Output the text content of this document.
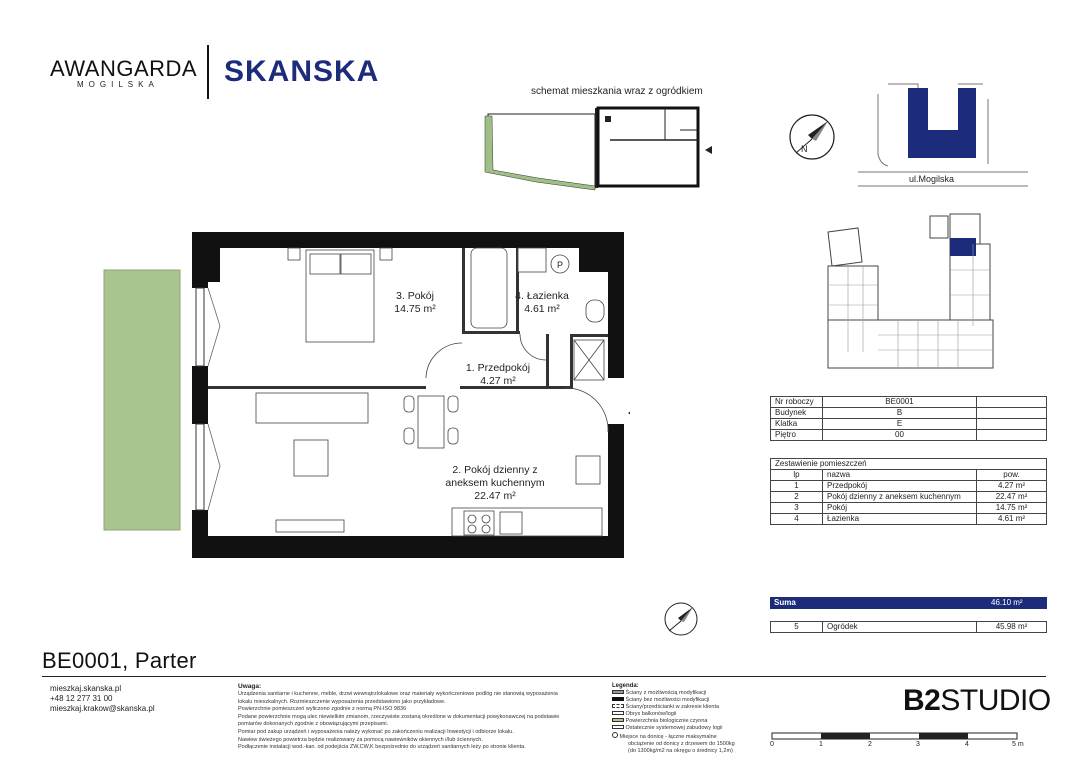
AWANGARDA
MOGILSKA SKANSKA
schemat mieszkania wraz z ogródkiem
N
ul.Mogilska
P
3. Pokój
14.75 m²
4. Łazienka
4.61 m²
1. Przedpokój
4.27 m²
2. Pokój dzienny z
aneksem kuchennym
22.47 m²
Nr roboczy	BE0001	
Budynek	B	
Klatka	E	
Piętro	00	
Zestawienie pomieszczeń		
lp	nazwa	pow.
1	Przedpokój	4.27 m²
2	Pokój dzienny z aneksem kuchennym	22.47 m²
3	Pokój	14.75 m²
4	Łazienka	4.61 m²
Suma	46.10 m²
5	Ogródek	45.98 m²
BE0001, Parter
mieszkaj.skanska.pl
+48 12 277 31 00
mieszkaj.krakow@skanska.pl
Uwaga:
Urządzenia sanitarne i kuchenne, meble, drzwi wewnątrzlokalowe oraz materiały wykończeniowe podlóg nie stanowią wyposażenia
lokalu mieszkalnych. Rozmieszczenie wyposażenia przedstawiono jako przykładowe.
Powierzchnie pomieszczeń wyliczono zgodnie z normą PN-ISO 9836
Podane powierzchnie mogą ulec niewielkim zmianom, rzeczywiste zostaną określone w dokumentacji powykonawczej na podstawie
pomiarów dokonanych zgodnie z obowiązującymi przepisami.
Pomiar pod zakup urządzeń i wyposażenia należy wykonać po zakończeniu realizacji Inwestycji i odbiorze lokalu.
Nawiew świeżego powietrza będzie realizowany za pomocą nawiewników okiennych i/lub ściennych.
Podłączenie instalacji wod.-kan. od podejścia ZW,CW,K bezpośrednio do urządzeń sanitarnych leży po stronie klienta.
Legenda:
Ściany z możliwością modyfikacji
Ściany bez możliwości modyfikacji
Ściany/przedścianki w zakresie klienta
Obrys balkonów/logii
Powierzchnia biologicznie czynna
Ostatecznie systemowej zabudowy logii
Miejsce na donicę - łączne maksymalne
obciążenie od donicy z drzewem do 1500kg
(do 1300kg/m2 na okręgu o średnicy 1,2m)
B2STUDIO
0	1	2	3	4	5 m
